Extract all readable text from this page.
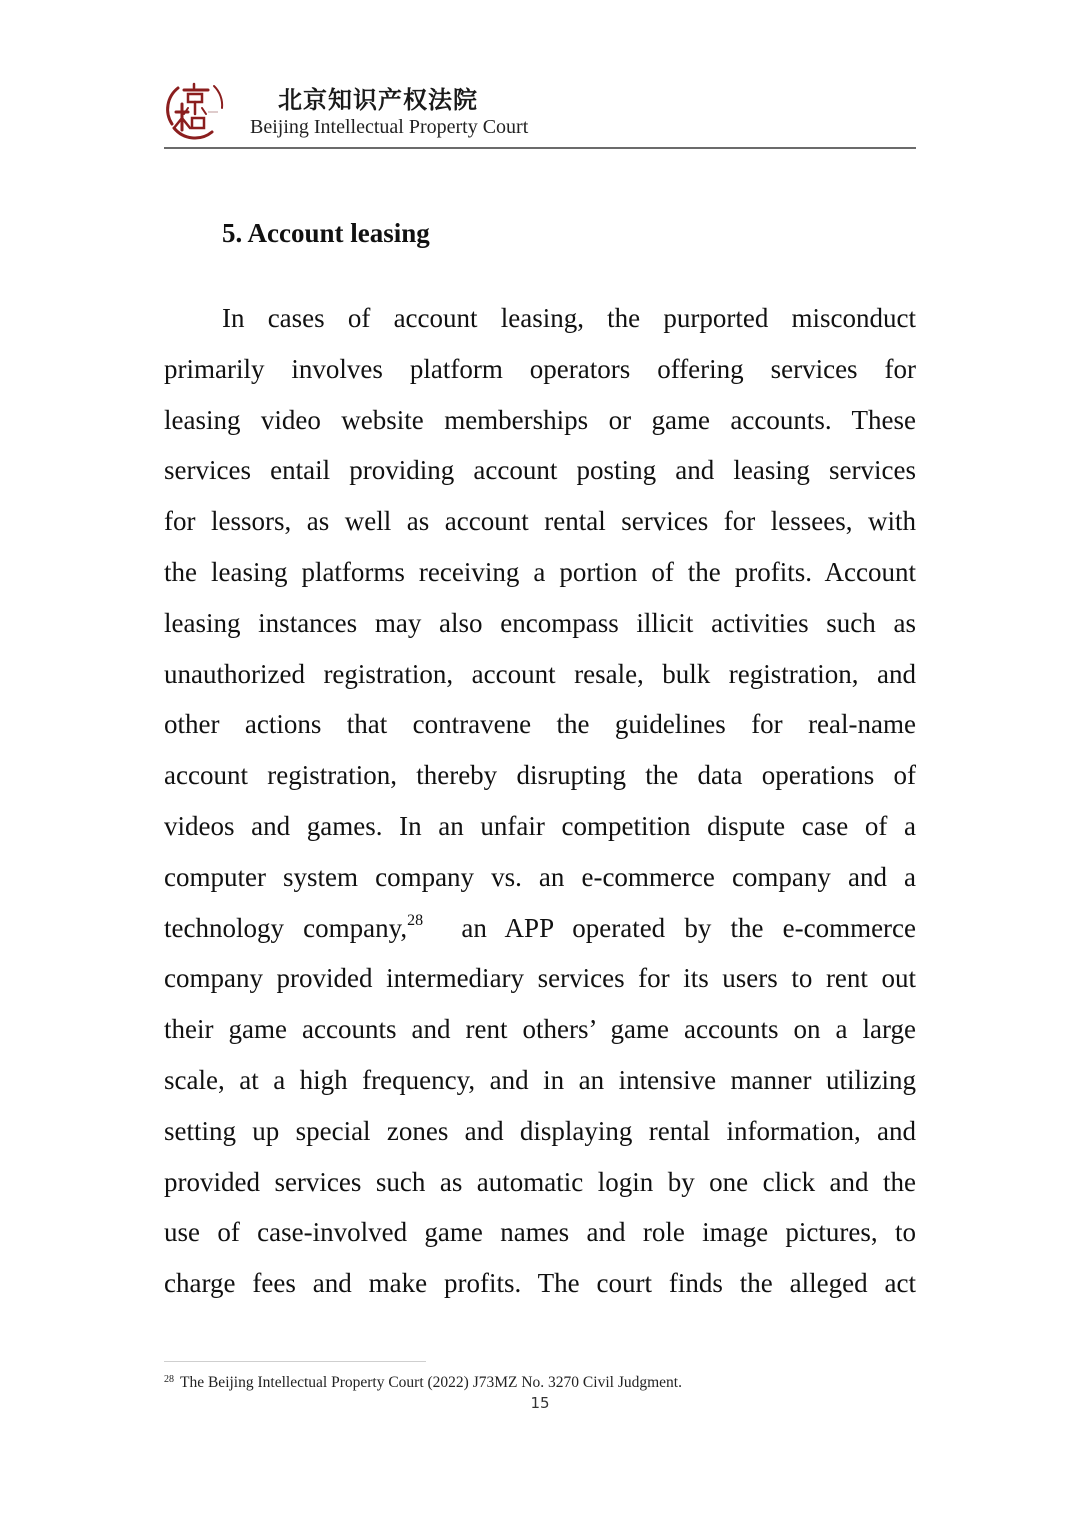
北京知识产权法院
Beijing Intellectual Property Court
5. Account leasing
In cases of account leasing, the purported misconduct
primarily involves platform operators offering services for
leasing video website memberships or game accounts. These
services entail providing account posting and leasing services
for lessors, as well as account rental services for lessees, with
the leasing platforms receiving a portion of the profits. Account
leasing instances may also encompass illicit activities such as
unauthorized registration, account resale, bulk registration, and
other actions that contravene the guidelines for real-name
account registration, thereby disrupting the data operations of
videos and games. In an unfair competition dispute case of a
computer system company vs. an e-commerce company and a
technology company,$^{28}$ an APP operated by the e-commerce
company provided intermediary services for its users to rent out
their game accounts and rent others’ game accounts on a large
scale, at a high frequency, and in an intensive manner utilizing
setting up special zones and displaying rental information, and
provided services such as automatic login by one click and the
use of case-involved game names and role image pictures, to
charge fees and make profits. The court finds the alleged act
$^{28}$ The Beijing Intellectual Property Court (2022) J73MZ No. 3270 Civil Judgment.
15
